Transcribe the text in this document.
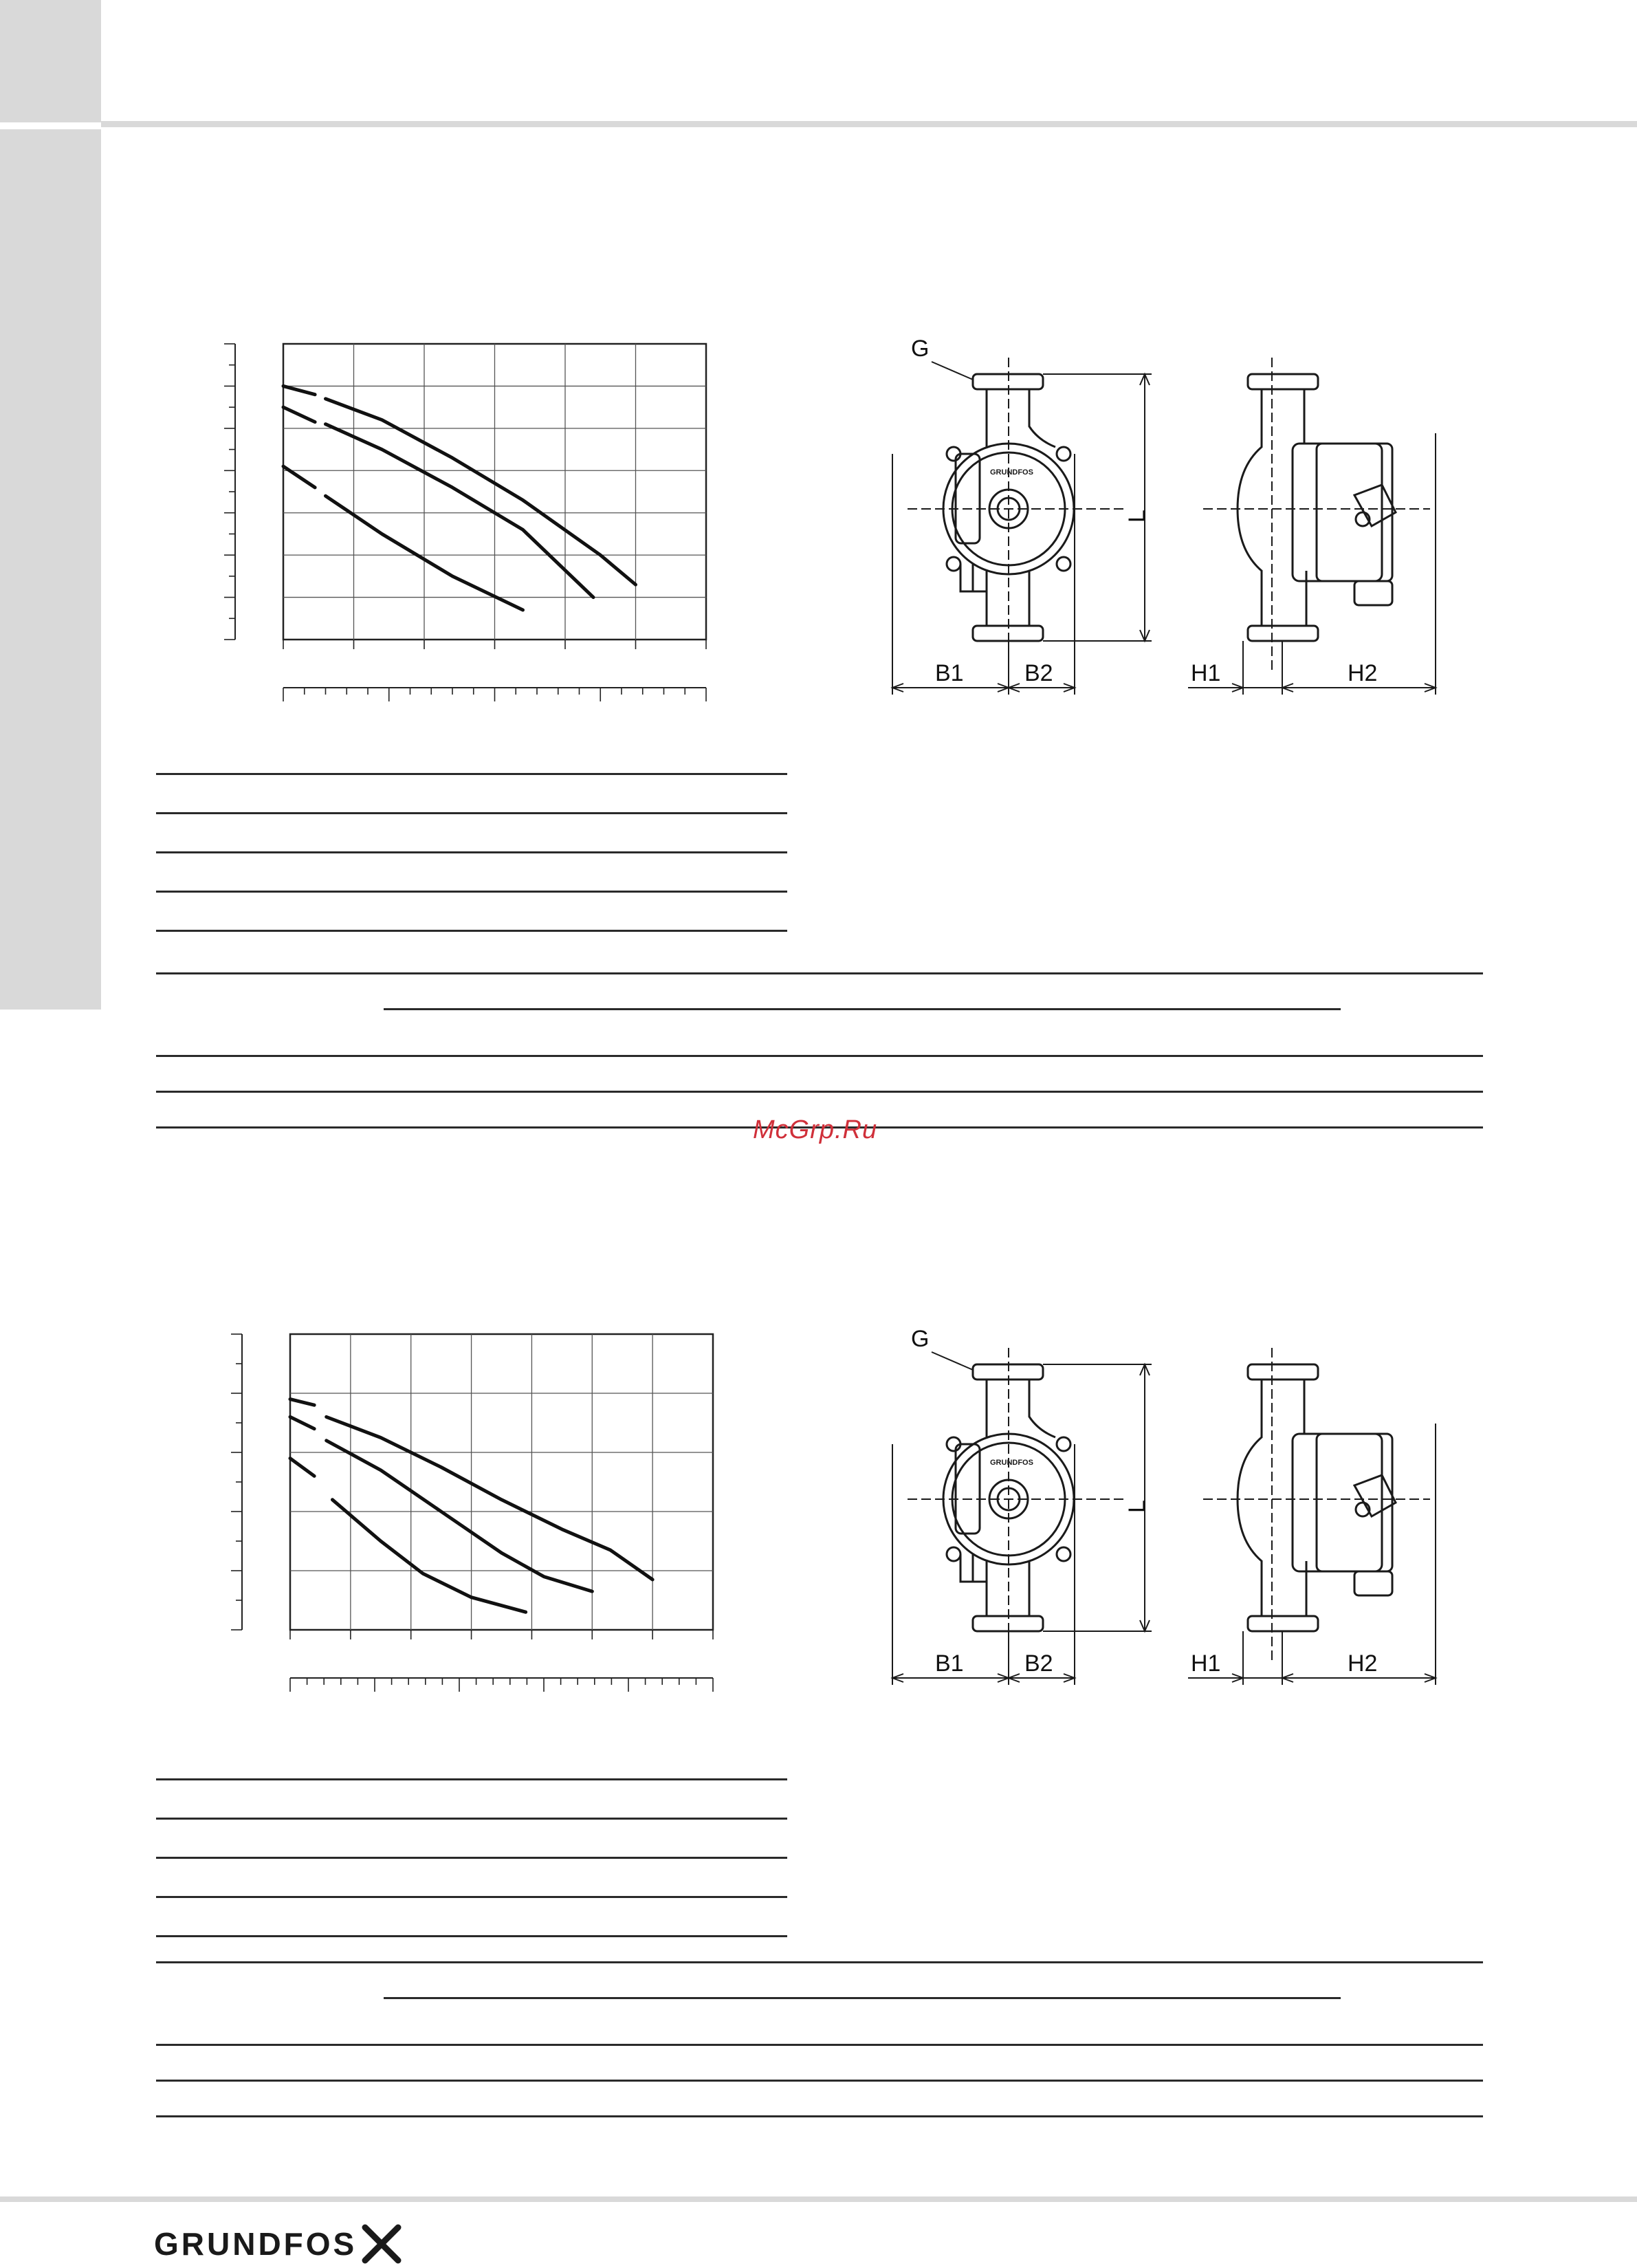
G
L
B1	B2	H1	H2
GRUNDFOS
G
L
B1	B2	H1	H2
GRUNDFOS
McGrp.Ru
GRUNDFOS
